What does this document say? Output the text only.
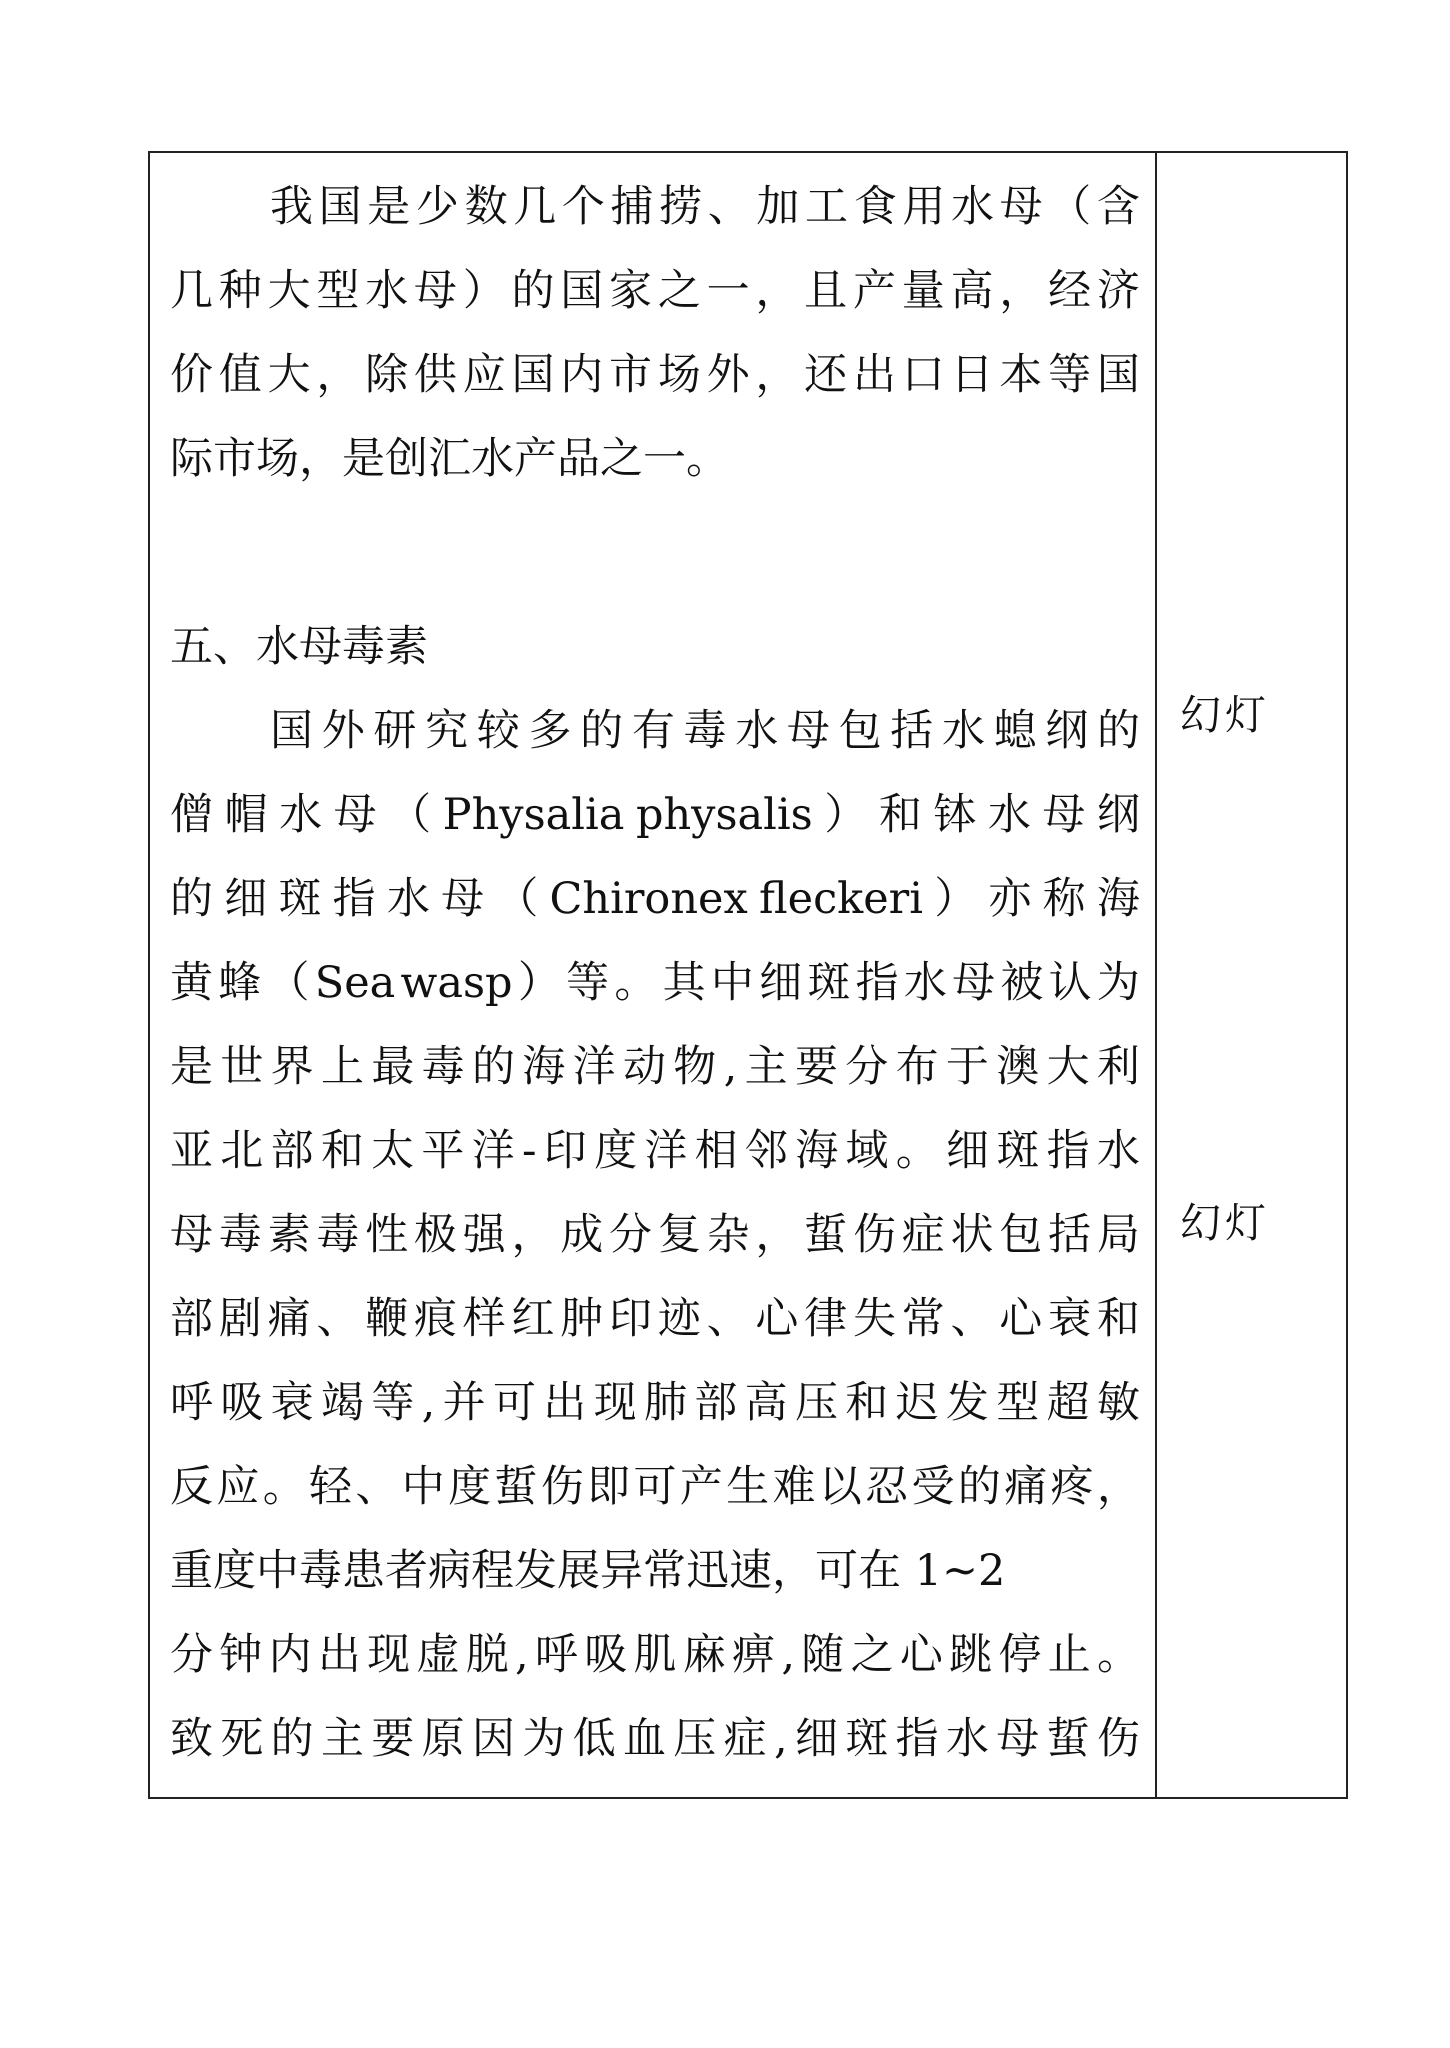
我 国 是 少 数 几 个 捕 捞 、 加 工 食 用 水 母 （ 含
几 种 大 型 水 母 ） 的 国 家 之 一 ， 且 产 量 高 ， 经 济
价 值 大 ， 除 供 应 国 内 市 场 外 ， 还 出 口 日 本 等 国
际市场，是创汇水产品之一。
五、水母毒素
国 外 研 究 较 多 的 有 毒 水 母 包 括 水 螅 纲 的
僧 帽 水 母 （ Physalia physalis ） 和 钵 水 母 纲
的 细 斑 指 水 母 （ Chironex fleckeri ） 亦 称 海
黄 蜂 （ Sea wasp ） 等 。 其 中 细 斑 指 水 母 被 认 为
是 世 界 上 最 毒 的 海 洋 动 物 , 主 要 分 布 于 澳 大 利
亚 北 部 和 太 平 洋 - 印 度 洋 相 邻 海 域 。 细 斑 指 水
母 毒 素 毒 性 极 强 ， 成 分 复 杂 ， 蜇 伤 症 状 包 括 局
部 剧 痛 、 鞭 痕 样 红 肿 印 迹 、 心 律 失 常 、 心 衰 和
呼 吸 衰 竭 等 , 并 可 出 现 肺 部 高 压 和 迟 发 型 超 敏
反 应 。 轻 、 中 度 蜇 伤 即 可 产 生 难 以 忍 受 的 痛 疼 ，
重度中毒患者病程发展异常迅速，可在 1~2
分 钟 内 出 现 虚 脱 , 呼 吸 肌 麻 痹 , 随 之 心 跳 停 止 。
致 死 的 主 要 原 因 为 低 血 压 症 , 细 斑 指 水 母 蜇 伤
幻灯
幻灯
